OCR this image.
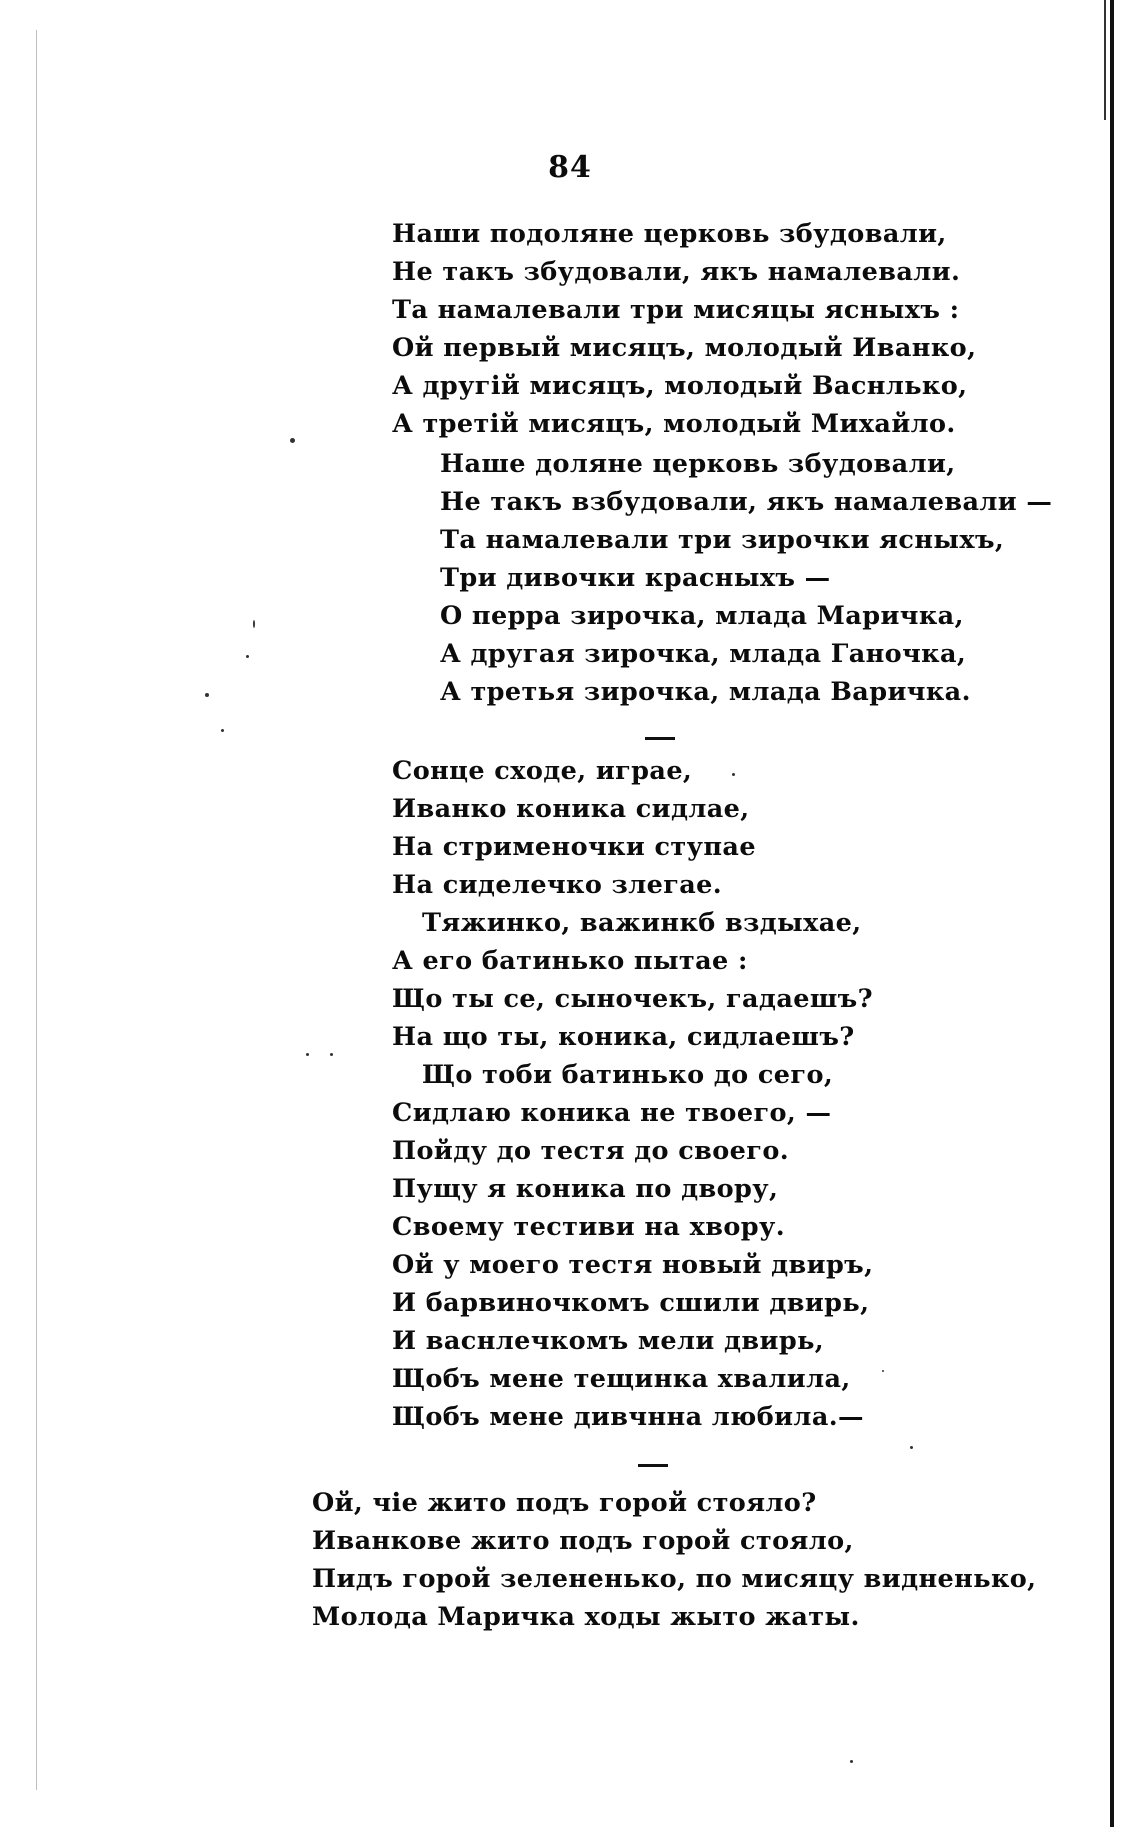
84
Наши подоляне церковь збудовали,
Не такъ збудовали, якъ намалевали.
Та намалевали три мисяцы ясныхъ :
Ой первый мисяцъ, молодый Иванко,
А другій мисяцъ, молодый Васнлько,
А третій мисяцъ, молодый Михайло.
Наше доляне церковь збудовали,
Не такъ взбудовали, якъ намалевали —
Та намалевали три зирочки ясныхъ,
Три дивочки красныхъ —
О перра зирочка, млада Маричка,
А другая зирочка, млада Ганочка,
А третья зирочка, млада Варичка.
Сонце сходе, играе,
Иванко коника сидлае,
На стрименочки ступае
На сиделечко злегае.
Тяжинко, важинкб вздыхае,
А его батинько пытае :
Що ты се, сыночекъ, гадаешъ?
На що ты, коника, сидлаешъ?
Що тоби батинько до сего,
Сидлаю коника не твоего, —
Пойду до тестя до своего.
Пущу я коника по двору,
Своему тестиви на хвору.
Ой у моего тестя новый двиръ,
И барвиночкомъ сшили двирь,
И васнлечкомъ мели двирь,
Щобъ мене тещинка хвалила,
Щобъ мене дивчнна любила.—
Ой, чіе жито подъ горой стояло?
Иванкове жито подъ горой стояло,
Пидъ горой зелененько, по мисяцу видненько,
Молода Маричка ходы жыто жаты.
